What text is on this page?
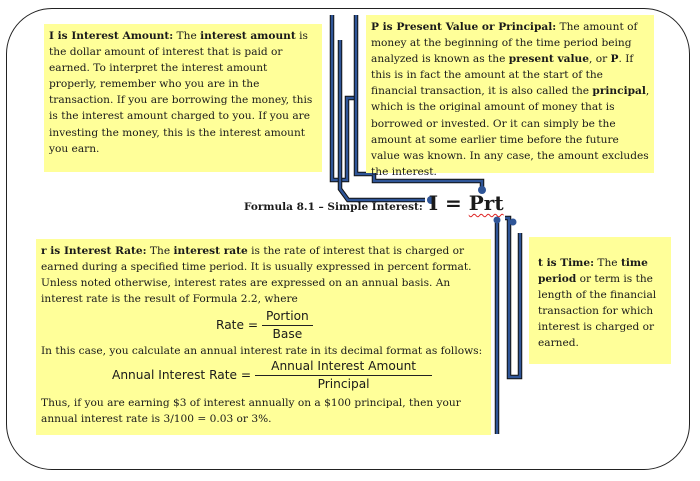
I is Interest Amount: The interest amount is the dollar amount of interest that is paid or earned. To interpret the interest amount properly, remember who you are in the transaction. If you are borrowing the money, this is the interest amount charged to you. If you are investing the money, this is the interest amount you earn.
P is Present Value or Principal: The amount of money at the beginning of the time period being analyzed is known as the present value, or P. If this is in fact the amount at the start of the financial transaction, it is also called the principal, which is the original amount of money that is borrowed or invested. Or it can simply be the amount at some earlier time before the future value was known. In any case, the amount excludes the interest.
Formula 8.1 – Simple Interest: I = Prt
r is Interest Rate: The interest rate is the rate of interest that is charged or earned during a specified time period. It is usually expressed in percent format. Unless noted otherwise, interest rates are expressed on an annual basis. An interest rate is the result of Formula 2.2, where
Rate = $\frac{\text{Portion}}{\text{Base}}$
In this case, you calculate an annual interest rate in its decimal format as follows:
Annual Interest Rate = $\frac{\text{Annual Interest Amount}}{\text{Principal}}$
Thus, if you are earning $3 of interest annually on a $100 principal, then your annual interest rate is 3/100 = 0.03 or 3%.
t is Time: The time period or term is the length of the financial transaction for which interest is charged or earned.
